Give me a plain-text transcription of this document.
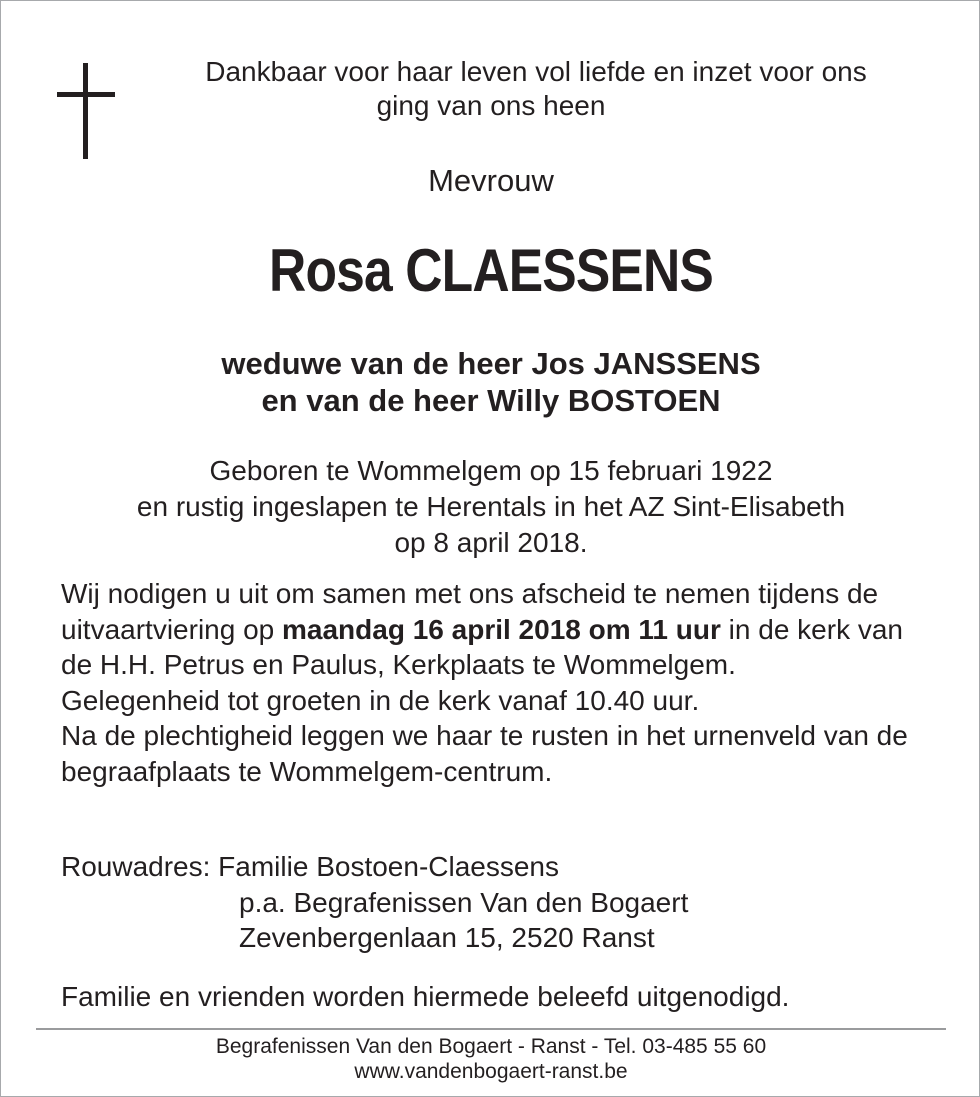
Dankbaar voor haar leven vol liefde en inzet voor ons
ging van ons heen
Mevrouw
Rosa CLAESSENS
weduwe van de heer Jos JANSSENS
en van de heer Willy BOSTOEN
Geboren te Wommelgem op 15 februari 1922
en rustig ingeslapen te Herentals in het AZ Sint-Elisabeth
op 8 april 2018.

Wij nodigen u uit om samen met ons afscheid te nemen tijdens de uitvaartviering op maandag 16 april 2018 om 11 uur in de kerk van de H.H. Petrus en Paulus, Kerkplaats te Wommelgem.

Gelegenheid tot groeten in de kerk vanaf 10.40 uur.

Na de plechtigheid leggen we haar te rusten in het urnenveld van de begraafplaats te Wommelgem-centrum.

Rouwadres: Familie Bostoen-Claessens
p.a. Begrafenissen Van den Bogaert
Zevenbergenlaan 15, 2520 Ranst
Familie en vrienden worden hiermede beleefd uitgenodigd.
Begrafenissen Van den Bogaert - Ranst - Tel. 03-485 55 60
www.vandenbogaert-ranst.be
